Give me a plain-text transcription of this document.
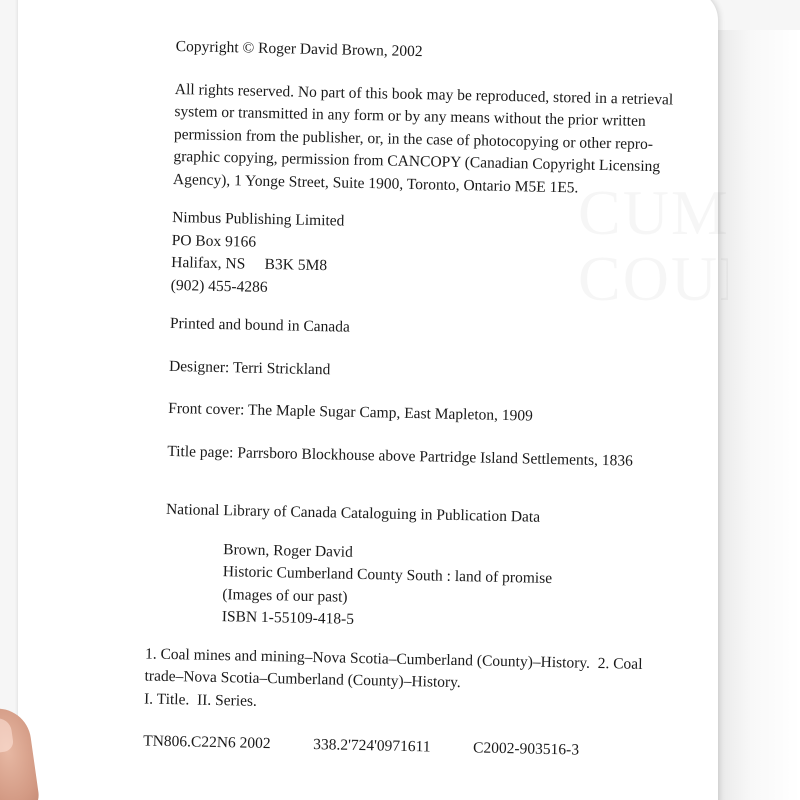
Copyright © Roger David Brown, 2002
All rights reserved. No part of this book may be reproduced, stored in a retrieval
system or transmitted in any form or by any means without the prior written
permission from the publisher, or, in the case of photocopying or other repro-
graphic copying, permission from CANCOPY (Canadian Copyright Licensing
Agency), 1 Yonge Street, Suite 1900, Toronto, Ontario M5E 1E5.
Nimbus Publishing Limited
PO Box 9166
Halifax, NS     B3K 5M8
(902) 455-4286
Printed and bound in Canada
Designer: Terri Strickland
Front cover: The Maple Sugar Camp, East Mapleton, 1909
Title page: Parrsboro Blockhouse above Partridge Island Settlements, 1836
National Library of Canada Cataloguing in Publication Data
Brown, Roger David
Historic Cumberland County South : land of promise
(Images of our past)
ISBN 1-55109-418-5
1. Coal mines and mining–Nova Scotia–Cumberland (County)–History.  2. Coal
trade–Nova Scotia–Cumberland (County)–History.
I. Title.  II. Series.
TN806.C22N6 2002	338.2'724'0971611	C2002-903516-3
